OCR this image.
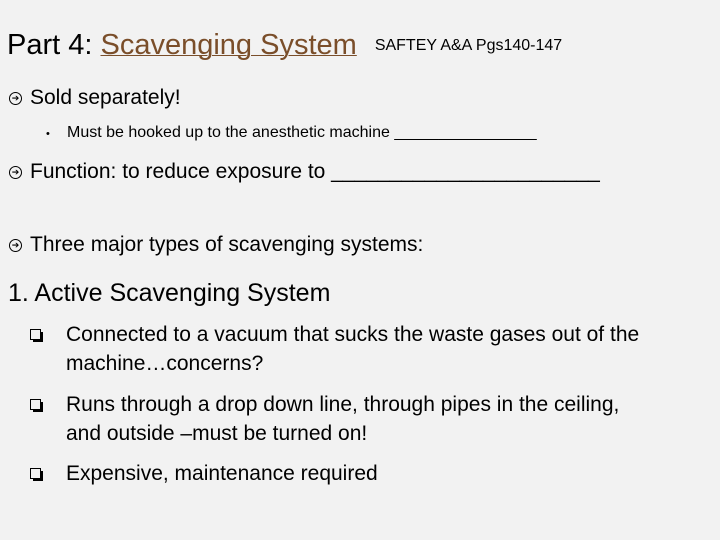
Part 4: Scavenging System SAFTEY A&A Pgs140-147
➔ Sold separately!
• Must be hooked up to the anesthetic machine ________________
➔ Function: to reduce exposure to _______________________
➔ Three major types of scavenging systems:
1. Active Scavenging System
Connected to a vacuum that sucks the waste gases out of the machine…concerns?
Runs through a drop down line, through pipes in the ceiling, and outside –must be turned on!
Expensive, maintenance required
